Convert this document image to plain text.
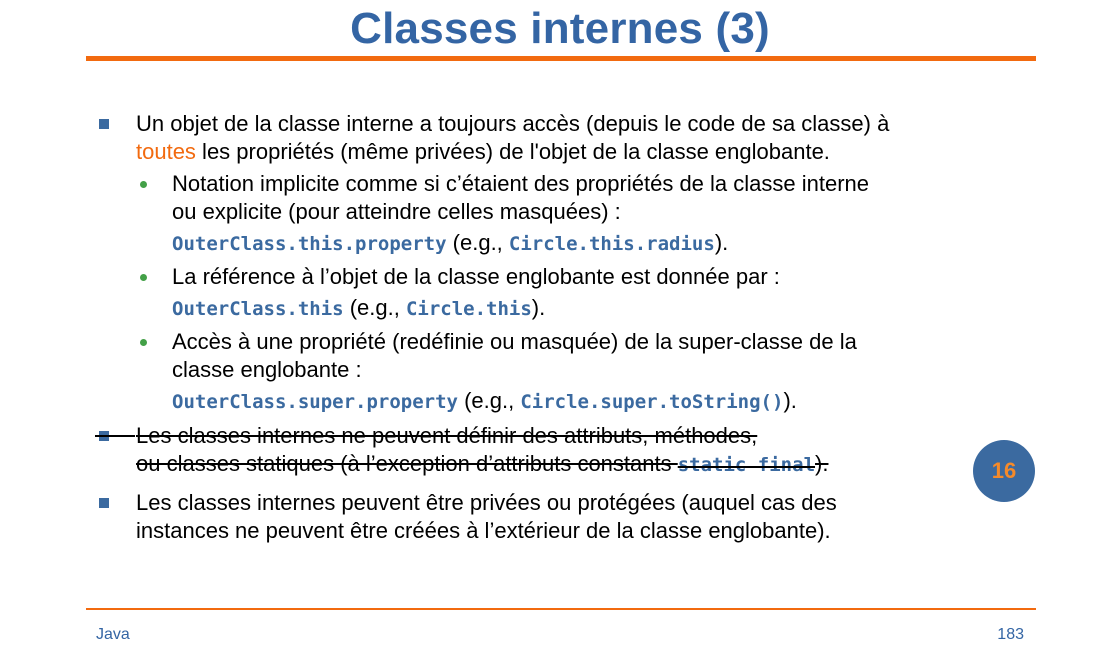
Classes internes (3)
Un objet de la classe interne a toujours accès (depuis le code de sa classe) à
toutes les propriétés (même privées) de l'objet de la classe englobante.
Notation implicite comme si c’étaient des propriétés de la classe interne
ou explicite (pour atteindre celles masquées) :

OuterClass.this.property (e.g., Circle.this.radius).
La référence à l’objet de la classe englobante est donnée par :

OuterClass.this (e.g., Circle.this).
Accès à une propriété (redéfinie ou masquée) de la super-classe de la
classe englobante :

OuterClass.super.property (e.g., Circle.super.toString()).
Les classes internes ne peuvent définir des attributs, méthodes,
ou classes statiques (à l’exception d’attributs constants static final).
Les classes internes peuvent être privées ou protégées (auquel cas des
instances ne peuvent être créées à l’extérieur de la classe englobante).
16
Java	183
